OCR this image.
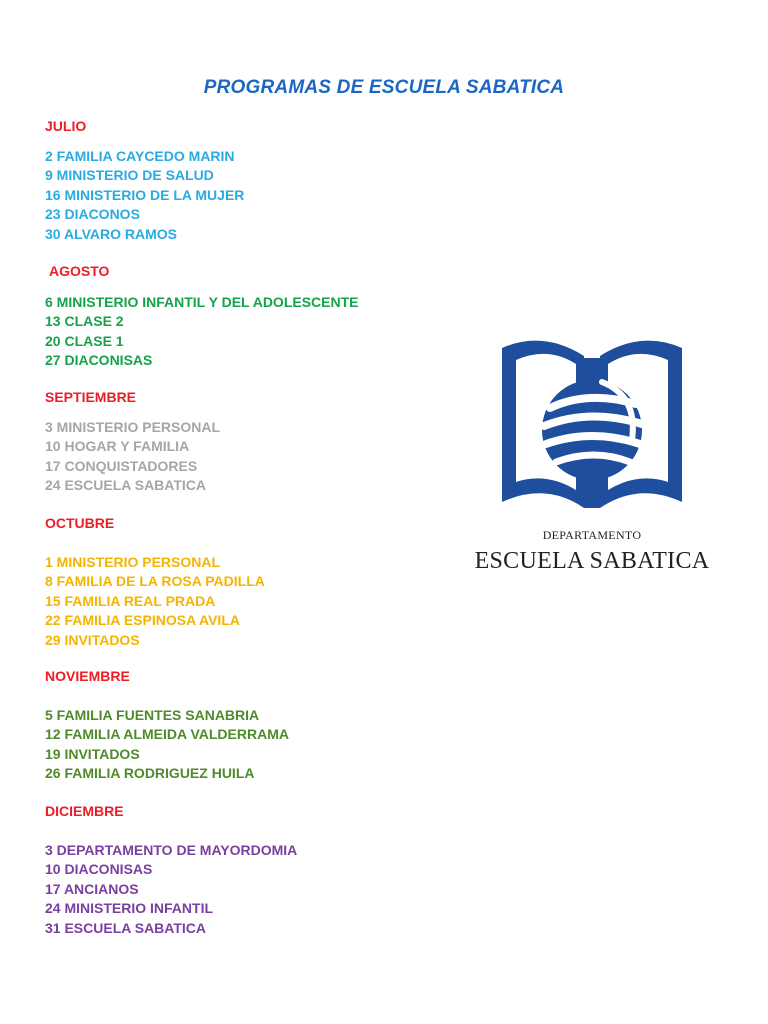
PROGRAMAS DE ESCUELA SABATICA
JULIO
2 FAMILIA CAYCEDO MARIN
9 MINISTERIO DE SALUD
16 MINISTERIO DE LA MUJER
23 DIACONOS
30 ALVARO RAMOS
AGOSTO
6 MINISTERIO INFANTIL Y DEL ADOLESCENTE
13 CLASE 2
20 CLASE 1
27 DIACONISAS
SEPTIEMBRE
3 MINISTERIO PERSONAL
10 HOGAR Y FAMILIA
17 CONQUISTADORES
24 ESCUELA SABATICA
OCTUBRE
1 MINISTERIO PERSONAL
8 FAMILIA DE LA ROSA PADILLA
15 FAMILIA REAL PRADA
22 FAMILIA ESPINOSA AVILA
29 INVITADOS
NOVIEMBRE
5 FAMILIA FUENTES SANABRIA
12 FAMILIA ALMEIDA VALDERRAMA
19 INVITADOS
26 FAMILIA RODRIGUEZ HUILA
DICIEMBRE
3 DEPARTAMENTO DE MAYORDOMIA
10 DIACONISAS
17 ANCIANOS
24 MINISTERIO INFANTIL
31 ESCUELA SABATICA
DEPARTAMENTO
ESCUELA SABATICA
